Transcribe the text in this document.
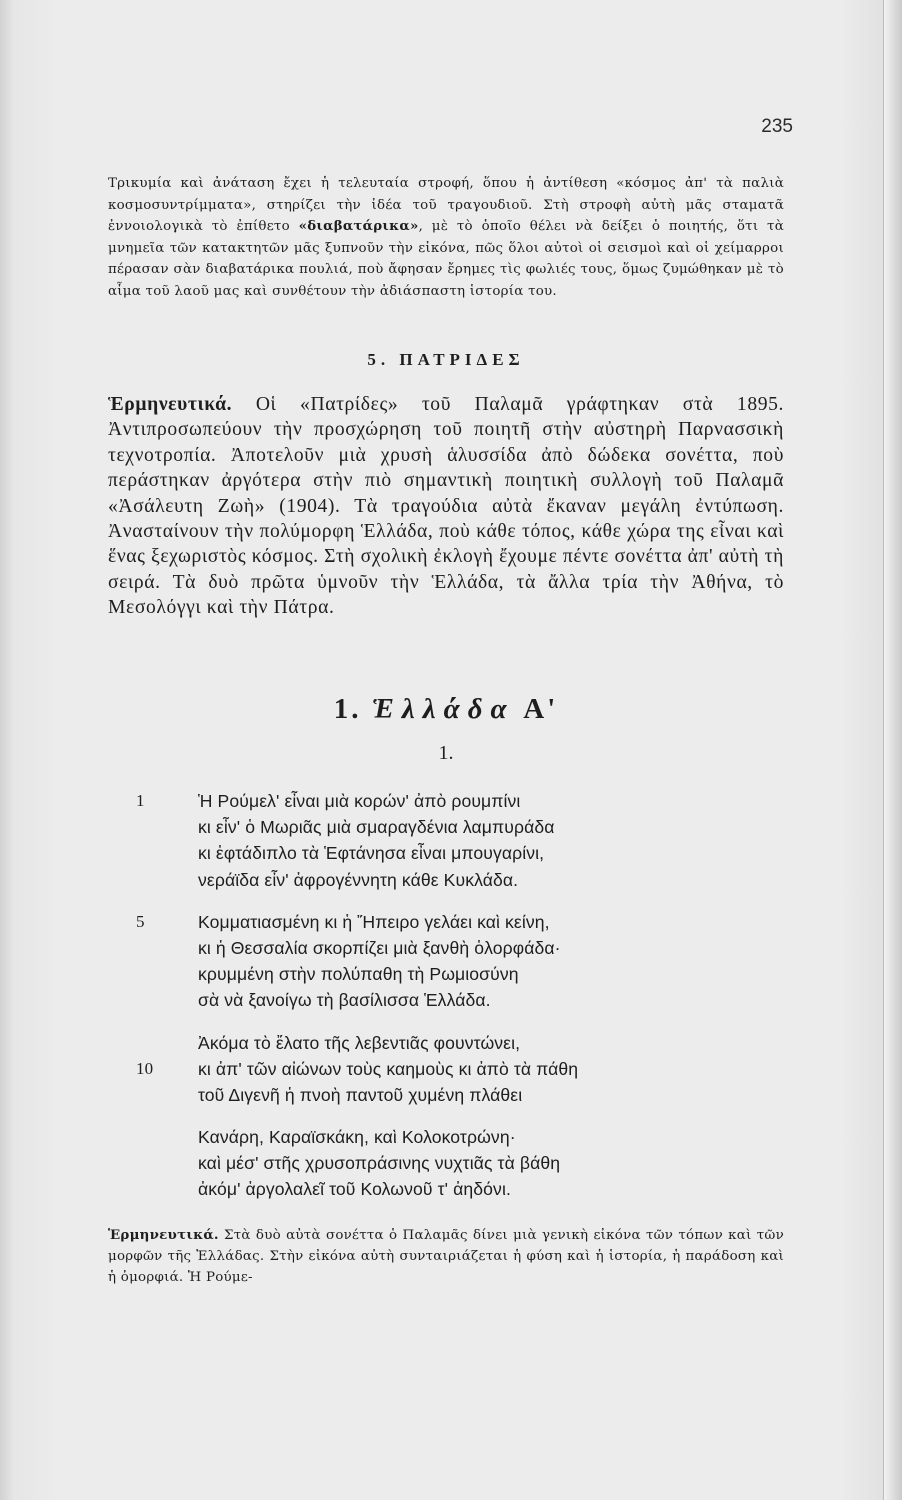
235
Τρικυμία καὶ ἀνάταση ἔχει ἡ τελευταία στροφή, ὅπου ἡ ἀντίθεση «κόσμος ἀπ' τὰ παλιὰ κοσμοσυντρίμματα», στηρίζει τὴν ἰδέα τοῦ τραγουδιοῦ. Στὴ στροφὴ αὐτὴ μᾶς σταματᾶ ἐννοιολογικὰ τὸ ἐπίθετο «διαβατάρικα», μὲ τὸ ὁποῖο θέλει νὰ δείξει ὁ ποιητής, ὅτι τὰ μνημεῖα τῶν κατακτητῶν μᾶς ξυπνοῦν τὴν εἰκόνα, πῶς ὅλοι αὐτοὶ οἱ σεισμοὶ καὶ οἱ χείμαρροι πέρασαν σὰν διαβατάρικα πουλιά, ποὺ ἄφησαν ἔρημες τὶς φωλιές τους, ὅμως ζυμώθηκαν μὲ τὸ αἷμα τοῦ λαοῦ μας καὶ συνθέτουν τὴν ἀδιάσπαστη ἱστορία του.
5. ΠΑΤΡΙΔΕΣ
Ἑρμηνευτικά. Οἱ «Πατρίδες» τοῦ Παλαμᾶ γράφτηκαν στὰ 1895. Ἀντιπροσωπεύουν τὴν προσχώρηση τοῦ ποιητῆ στὴν αὐστηρὴ Παρνασσικὴ τεχνοτροπία. Ἀποτελοῦν μιὰ χρυσὴ ἁλυσσίδα ἀπὸ δώδεκα σονέττα, ποὺ περάστηκαν ἀργότερα στὴν πιὸ σημαντικὴ ποιητικὴ συλλογὴ τοῦ Παλαμᾶ «Ἀσάλευτη Ζωὴ» (1904). Τὰ τραγούδια αὐτὰ ἔκαναν μεγάλη ἐντύπωση. Ἀνασταίνουν τὴν πολύμορφη Ἑλλάδα, ποὺ κάθε τόπος, κάθε χώρα της εἶναι καὶ ἕνας ξεχωριστὸς κόσμος. Στὴ σχολικὴ ἐκλογὴ ἔχουμε πέντε σονέττα ἀπ' αὐτὴ τὴ σειρά. Τὰ δυὸ πρῶτα ὑμνοῦν τὴν Ἑλλάδα, τὰ ἄλλα τρία τὴν Ἀθήνα, τὸ Μεσολόγγι καὶ τὴν Πάτρα.
1. Ἑλλάδα Α'
1.
1	Ἡ Ρούμελ' εἶναι μιὰ κορών' ἀπὸ ρουμπίνι
κι εἶν' ὁ Μωριᾶς μιὰ σμαραγδένια λαμπυράδα
κι ἑφτάδιπλο τὰ Ἑφτάνησα εἶναι μπουγαρίνι,
νεράϊδα εἶν' ἀφρογέννητη κάθε Κυκλάδα.
5	Κομματιασμένη κι ἡ Ἤπειρο γελάει καὶ κείνη,
κι ἡ Θεσσαλία σκορπίζει μιὰ ξανθὴ ὁλορφάδα·
κρυμμένη στὴν πολύπαθη τὴ Ρωμιοσύνη
σὰ νὰ ξανοίγω τὴ βασίλισσα Ἑλλάδα.
Ἀκόμα τὸ ἔλατο τῆς λεβεντιᾶς φουντώνει,
10	κι ἀπ' τῶν αἰώνων τοὺς καημοὺς κι ἀπὸ τὰ πάθη
τοῦ Διγενῆ ἡ πνοὴ παντοῦ χυμένη πλάθει
Κανάρη, Καραϊσκάκη, καὶ Κολοκοτρώνη·
καὶ μέσ' στῆς χρυσοπράσινης νυχτιᾶς τὰ βάθη
ἀκόμ' ἀργολαλεῖ τοῦ Κολωνοῦ τ' ἀηδόνι.
Ἑρμηνευτικά. Στὰ δυὸ αὐτὰ σονέττα ὁ Παλαμᾶς δίνει μιὰ γενικὴ εἰκόνα τῶν τόπων καὶ τῶν μορφῶν τῆς Ἑλλάδας. Στὴν εἰκόνα αὐτὴ συνταιριάζεται ἡ φύση καὶ ἡ ἱστορία, ἡ παράδοση καὶ ἡ ὀμορφιά. Ἡ Ρούμε-
